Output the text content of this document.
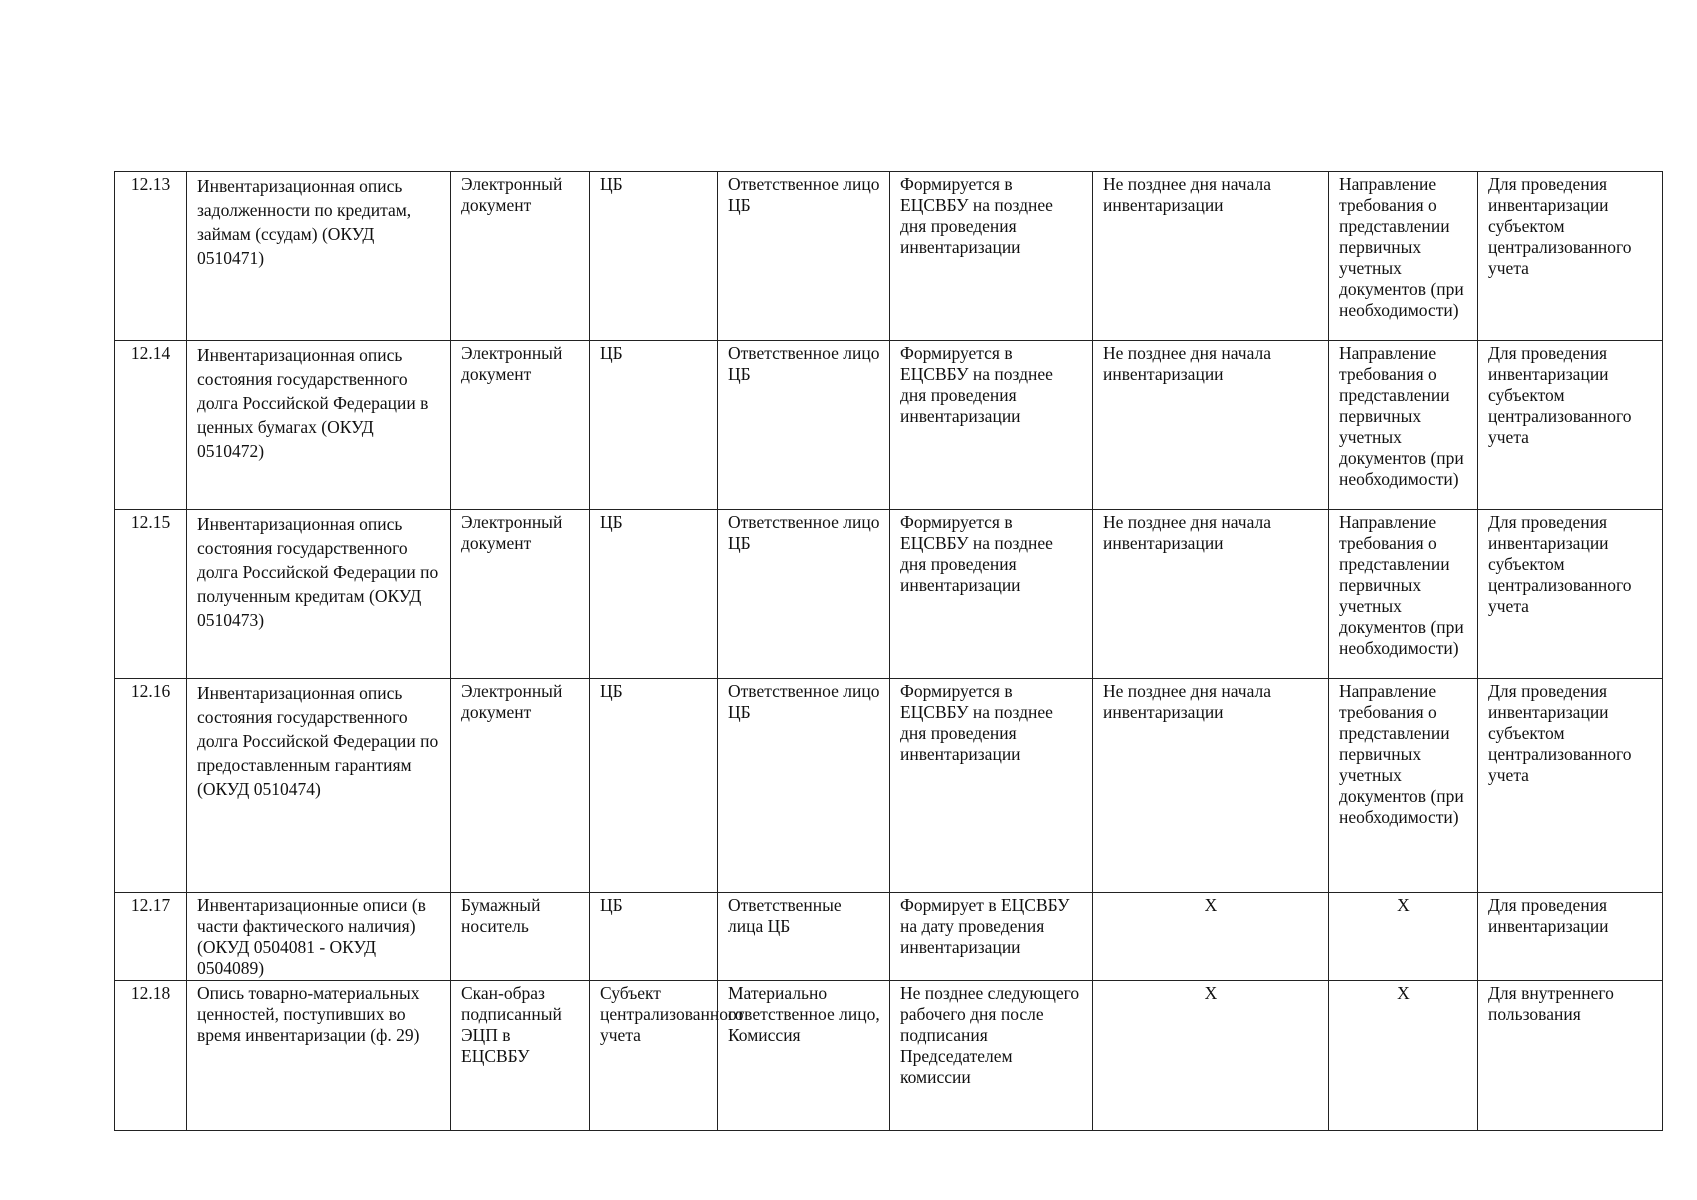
12.13	Инвентаризационная опись задолженности по кредитам, займам (ссудам) (ОКУД 0510471)	Электронный документ	ЦБ	Ответственное лицо ЦБ	Формируется в ЕЦСВБУ на позднее дня проведения инвентаризации	Не позднее дня начала инвентаризации	Направление требования о представлении первичных учетных документов (при необходимости)	Для проведения инвентаризации субъектом централизованного учета
12.14	Инвентаризационная опись состояния государственного долга Российской Федерации в ценных бумагах (ОКУД 0510472)	Электронный документ	ЦБ	Ответственное лицо ЦБ	Формируется в ЕЦСВБУ на позднее дня проведения инвентаризации	Не позднее дня начала инвентаризации	Направление требования о представлении первичных учетных документов (при необходимости)	Для проведения инвентаризации субъектом централизованного учета
12.15	Инвентаризационная опись состояния государственного долга Российской Федерации по полученным кредитам (ОКУД 0510473)	Электронный документ	ЦБ	Ответственное лицо ЦБ	Формируется в ЕЦСВБУ на позднее дня проведения инвентаризации	Не позднее дня начала инвентаризации	Направление требования о представлении первичных учетных документов (при необходимости)	Для проведения инвентаризации субъектом централизованного учета
12.16	Инвентаризационная опись состояния государственного долга Российской Федерации по предоставленным гарантиям (ОКУД 0510474)	Электронный документ	ЦБ	Ответственное лицо ЦБ	Формируется в ЕЦСВБУ на позднее дня проведения инвентаризации	Не позднее дня начала инвентаризации	Направление требования о представлении первичных учетных документов (при необходимости)	Для проведения инвентаризации субъектом централизованного учета
12.17	Инвентаризационные описи (в части фактического наличия) (ОКУД 0504081 - ОКУД 0504089)	Бумажный носитель	ЦБ	Ответственные лица ЦБ	Формирует в ЕЦСВБУ на дату проведения инвентаризации	Х	Х	Для проведения инвентаризации
12.18	Опись товарно-материальных ценностей, поступивших во время инвентаризации (ф. 29)	Скан-образ подписанный ЭЦП в ЕЦСВБУ	Субъект централизованного учета	Материально ответственное лицо, Комиссия	Не позднее следующего рабочего дня после подписания Председателем комиссии	Х	Х	Для внутреннего пользования
